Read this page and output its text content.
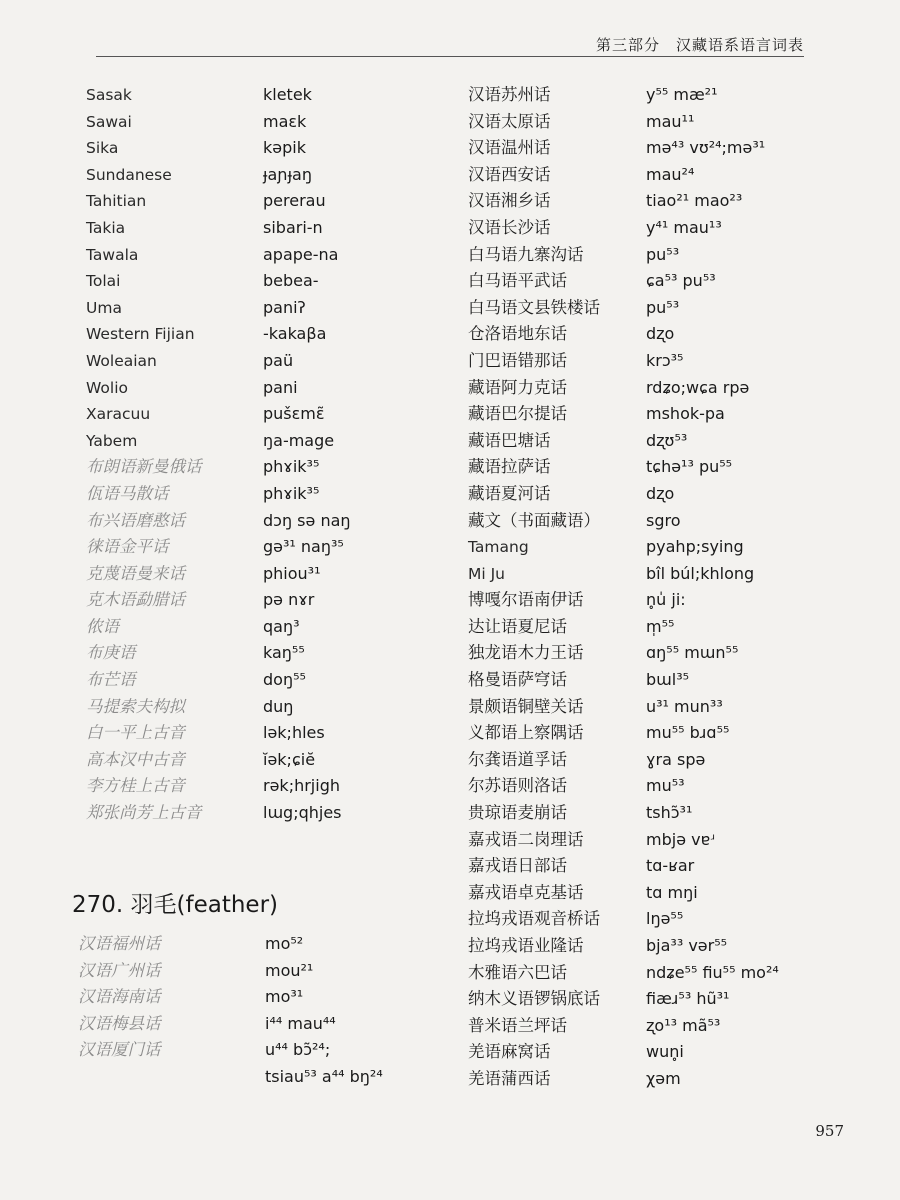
第三部分　汉藏语系语言词表
Sasak	kletek
Sawai	maɛk
Sika	kəpik
Sundanese	ɟaɲɟaŋ
Tahitian	pererau
Takia	sibari-n
Tawala	apape-na
Tolai	bebea-
Uma	paniʔ
Western Fijian	-kakaβa
Woleaian	paü
Wolio	pani
Xaracuu	pušɛmɛ̃
Yabem	ŋa-mage
布朗语新曼俄话	phɤik³⁵
佤语马散话	phɤik³⁵
布兴语磨憨话	dɔŋ sə naŋ
徕语金平话	gə³¹ naŋ³⁵
克蔑语曼来话	phiou³¹
克木语勐腊话	pə nɤr
侬语	qaŋ³
布庚语	kaŋ⁵⁵
布芒语	doŋ⁵⁵
马提索夫构拟	duŋ
白一平上古音	lək;hles
高本汉中古音	ĭək;ɕiĕ
李方桂上古音	rək;hrjigh
郑张尚芳上古音	lɯg;qhjes
汉语苏州话	y⁵⁵ mæ²¹
汉语太原话	mau¹¹
汉语温州话	mə⁴³ vʊ²⁴;mə³¹
汉语西安话	mau²⁴
汉语湘乡话	tiao²¹ mao²³
汉语长沙话	y⁴¹ mau¹³
白马语九寨沟话	pu⁵³
白马语平武话	ɕa⁵³ pu⁵³
白马语文县铁楼话	pu⁵³
仓洛语地东话	dʐo
门巴语错那话	krɔ³⁵
藏语阿力克话	rdʑo;wɕa rpə
藏语巴尔提话	mshok-pa
藏语巴塘话	dʐʊ⁵³
藏语拉萨话	tɕhə¹³ pu⁵⁵
藏语夏河话	dʐo
藏文（书面藏语）	sgro
Tamang	pyahp;sying
Mi Ju	bîl búl;khlong
博嘎尔语南伊话	n̥u̍ ji:
达让语夏尼话	m̩⁵⁵
独龙语木力王话	ɑŋ⁵⁵ mɯn⁵⁵
格曼语萨穹话	bɯl³⁵
景颇语铜壁关话	u³¹ mun³³
义都语上察隅话	mu⁵⁵ bɹɑ⁵⁵
尔龚语道孚话	ɣra spə
尔苏语则洛话	mu⁵³
贵琼语麦崩话	tshɔ̃³¹
嘉戎语二岗理话	mbjə vɐʴ
嘉戎语日部话	tɑ-ʁar
嘉戎语卓克基话	tɑ mŋi
拉坞戎语观音桥话	lŋə⁵⁵
拉坞戎语业隆话	bja³³ vər⁵⁵
木雅语六巴话	ndʑe⁵⁵ fiu⁵⁵ mo²⁴
纳木义语锣锅底话	fiæɹ⁵³ hũ³¹
普米语兰坪话	ʐo¹³ mã⁵³
羌语麻窝话	wun̥i
羌语蒲西话	χəm
270. 羽毛(feather)
汉语福州话	mo⁵²
汉语广州话	mou²¹
汉语海南话	mo³¹
汉语梅县话	i⁴⁴ mau⁴⁴
汉语厦门话	u⁴⁴ bɔ̃²⁴;
tsiau⁵³ a⁴⁴ bŋ²⁴
957
